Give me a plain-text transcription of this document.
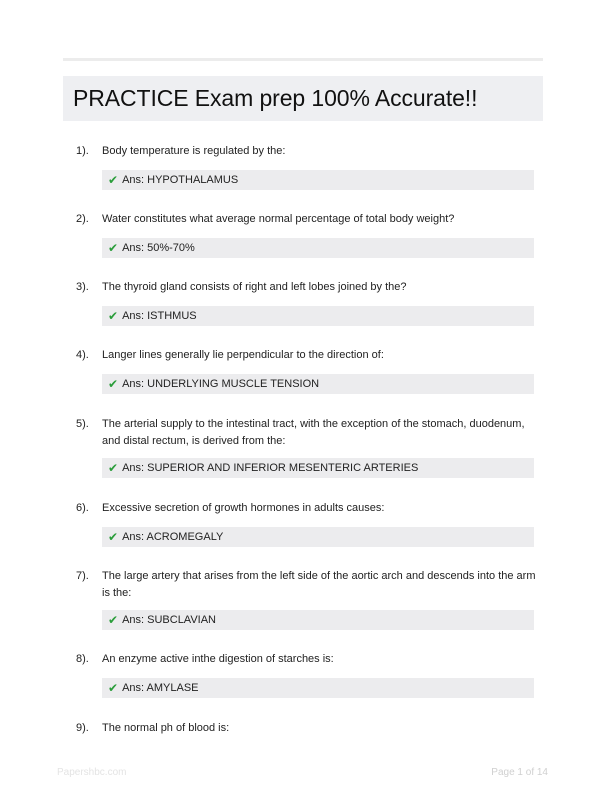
PRACTICE Exam prep 100% Accurate!!
1). Body temperature is regulated by the:
✔ Ans: HYPOTHALAMUS
2). Water constitutes what average normal percentage of total body weight?
✔ Ans: 50%-70%
3). The thyroid gland consists of right and left lobes joined by the?
✔ Ans: ISTHMUS
4). Langer lines generally lie perpendicular to the direction of:
✔ Ans: UNDERLYING MUSCLE TENSION
5). The arterial supply to the intestinal tract, with the exception of the stomach, duodenum, and distal rectum, is derived from the:
✔ Ans: SUPERIOR AND INFERIOR MESENTERIC ARTERIES
6). Excessive secretion of growth hormones in adults causes:
✔ Ans: ACROMEGALY
7). The large artery that arises from the left side of the aortic arch and descends into the arm is the:
✔ Ans: SUBCLAVIAN
8). An enzyme active inthe digestion of starches is:
✔ Ans: AMYLASE
9). The normal ph of blood is:
Papershbc.com	Page 1 of 14
